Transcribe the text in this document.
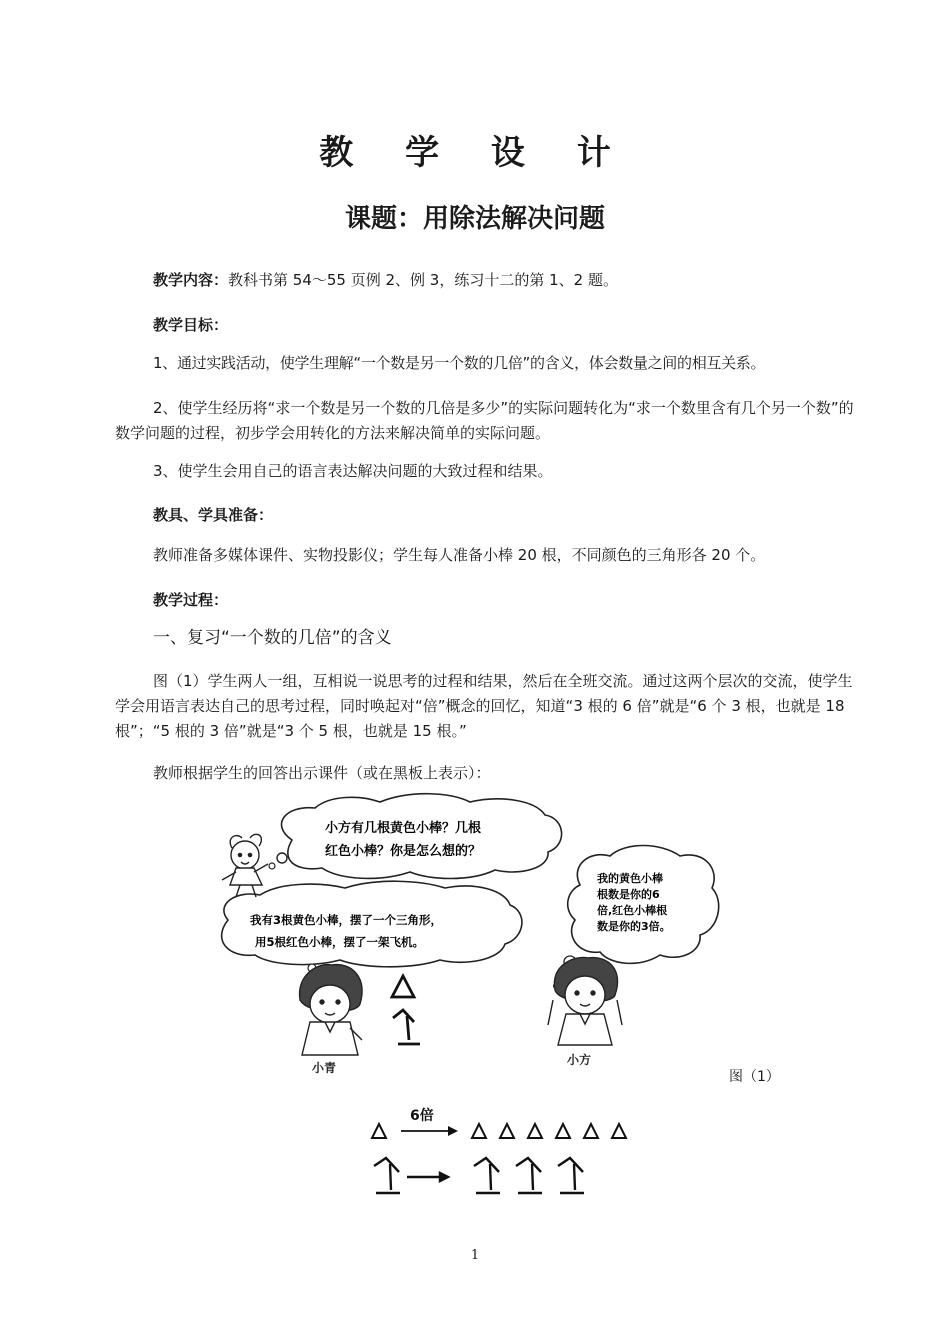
教 学 设 计
课题：用除法解决问题

教学内容：教科书第 54～55 页例 2、例 3，练习十二的第 1、2 题。

教学目标：

1、通过实践活动，使学生理解“一个数是另一个数的几倍”的含义，体会数量之间的相互关系。

2、使学生经历将“求一个数是另一个数的几倍是多少”的实际问题转化为“求一个数里含有几个另一个数”的数学问题的过程，初步学会用转化的方法来解决简单的实际问题。

3、使学生会用自己的语言表达解决问题的大致过程和结果。

教具、学具准备：

教师准备多媒体课件、实物投影仪；学生每人准备小棒 20 根，不同颜色的三角形各 20 个。

教学过程：

一、复习“一个数的几倍”的含义

图（1）学生两人一组，互相说一说思考的过程和结果，然后在全班交流。通过这两个层次的交流，使学生学会用语言表达自己的思考过程，同时唤起对“倍”概念的回忆，知道“3 根的 6 倍”就是“6 个 3 根，也就是 18 根”；“5 根的 3 倍”就是“3 个 5 根，也就是 15 根。”

教师根据学生的回答出示课件（或在黑板上表示）：

小方有几根黄色小棒？几根
红色小棒？你是怎么想的？
我有3根黄色小棒，摆了一个三角形，
用5根红色小棒，摆了一架飞机。
我的黄色小棒
根数是你的6
倍,红色小棒根
数是你的3倍。
小青
小方
6倍
图（1）
1
